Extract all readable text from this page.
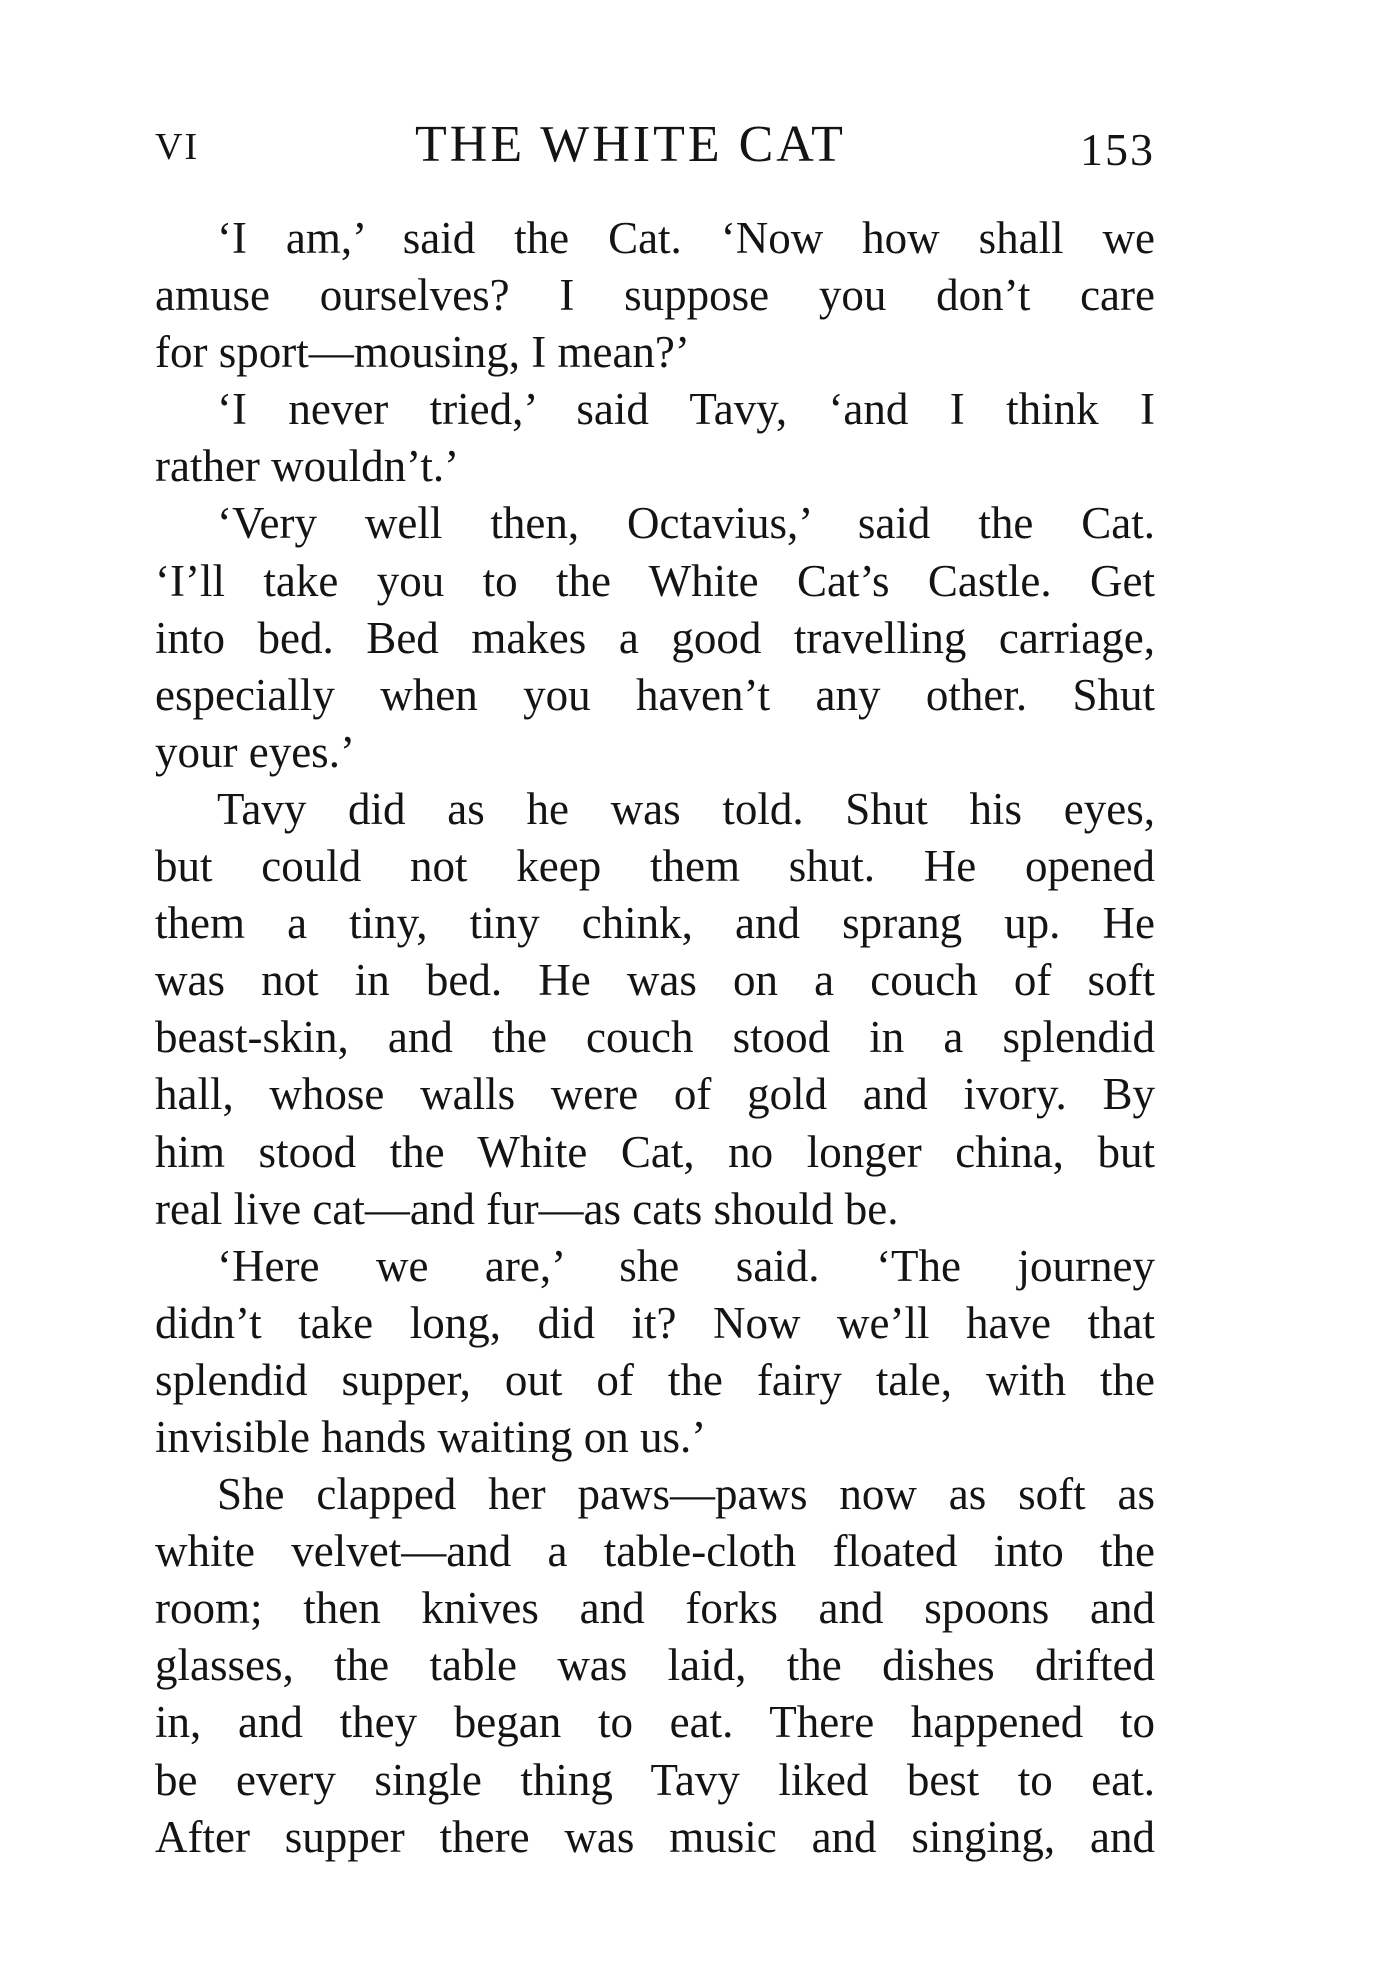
VI	THE WHITE CAT	153
‘I am,’ said the Cat. ‘Now how shall we
amuse ourselves? I suppose you don’t care
for sport—mousing, I mean?’
‘I never tried,’ said Tavy, ‘and I think I
rather wouldn’t.’
‘Very well then, Octavius,’ said the Cat.
‘I’ll take you to the White Cat’s Castle. Get
into bed. Bed makes a good travelling carriage,
especially when you haven’t any other. Shut
your eyes.’
Tavy did as he was told. Shut his eyes,
but could not keep them shut. He opened
them a tiny, tiny chink, and sprang up. He
was not in bed. He was on a couch of soft
beast-skin, and the couch stood in a splendid
hall, whose walls were of gold and ivory. By
him stood the White Cat, no longer china, but
real live cat—and fur—as cats should be.
‘Here we are,’ she said. ‘The journey
didn’t take long, did it? Now we’ll have that
splendid supper, out of the fairy tale, with the
invisible hands waiting on us.’
She clapped her paws—paws now as soft as
white velvet—and a table-cloth floated into the
room; then knives and forks and spoons and
glasses, the table was laid, the dishes drifted
in, and they began to eat. There happened to
be every single thing Tavy liked best to eat.
After supper there was music and singing, and
